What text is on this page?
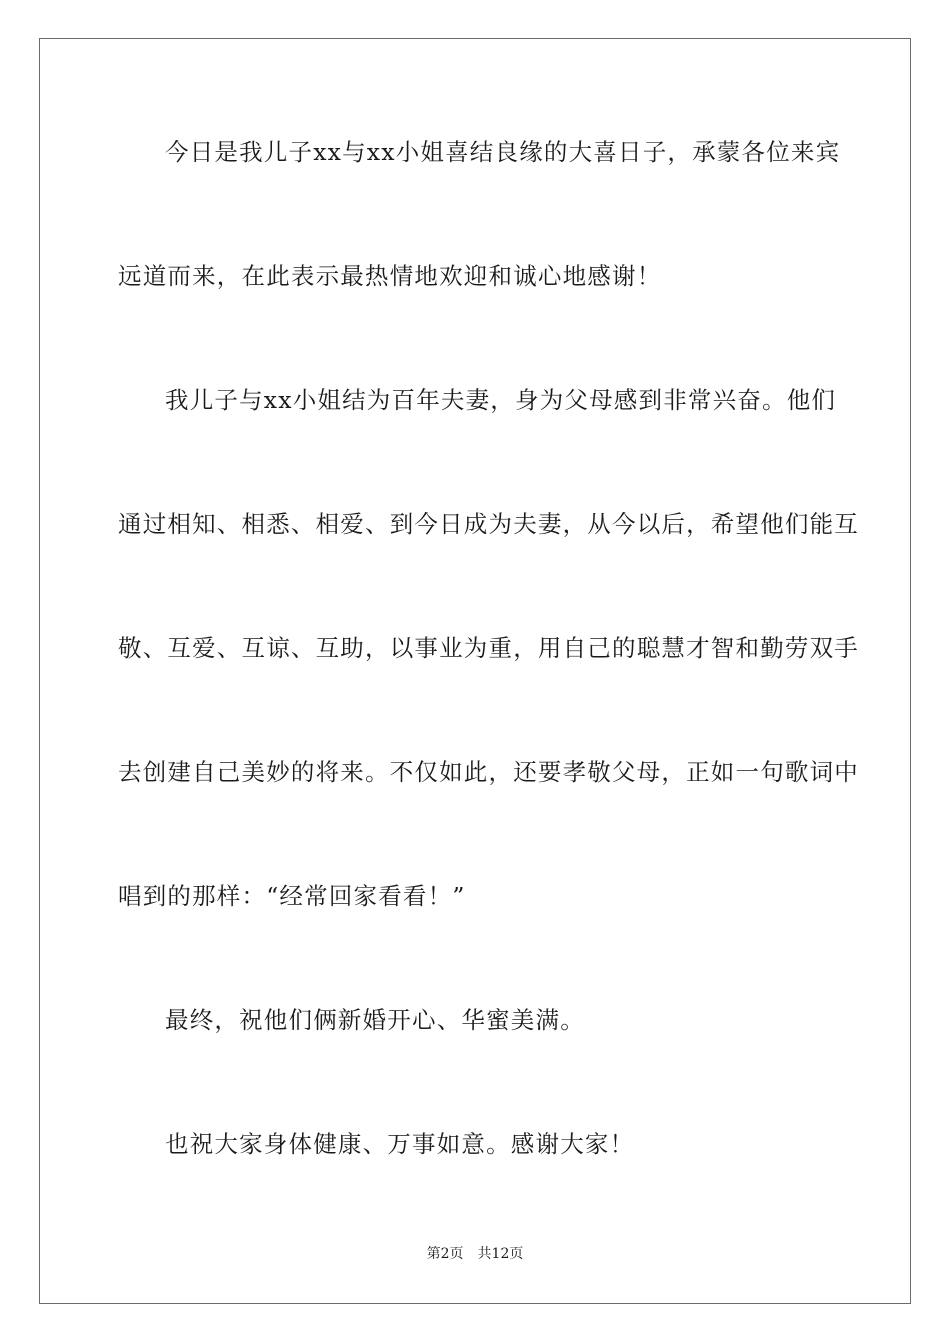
今日是我儿子xx与xx小姐喜结良缘的大喜日子，承蒙各位来宾

远道而来，在此表示最热情地欢迎和诚心地感谢！

我儿子与xx小姐结为百年夫妻，身为父母感到非常兴奋。他们

通过相知、相悉、相爱、到今日成为夫妻，从今以后，希望他们能互

敬、互爱、互谅、互助，以事业为重，用自己的聪慧才智和勤劳双手

去创建自己美妙的将来。不仅如此，还要孝敬父母，正如一句歌词中

唱到的那样：“经常回家看看！”

最终，祝他们俩新婚开心、华蜜美满。

也祝大家身体健康、万事如意。感谢大家！

第2页 共12页
